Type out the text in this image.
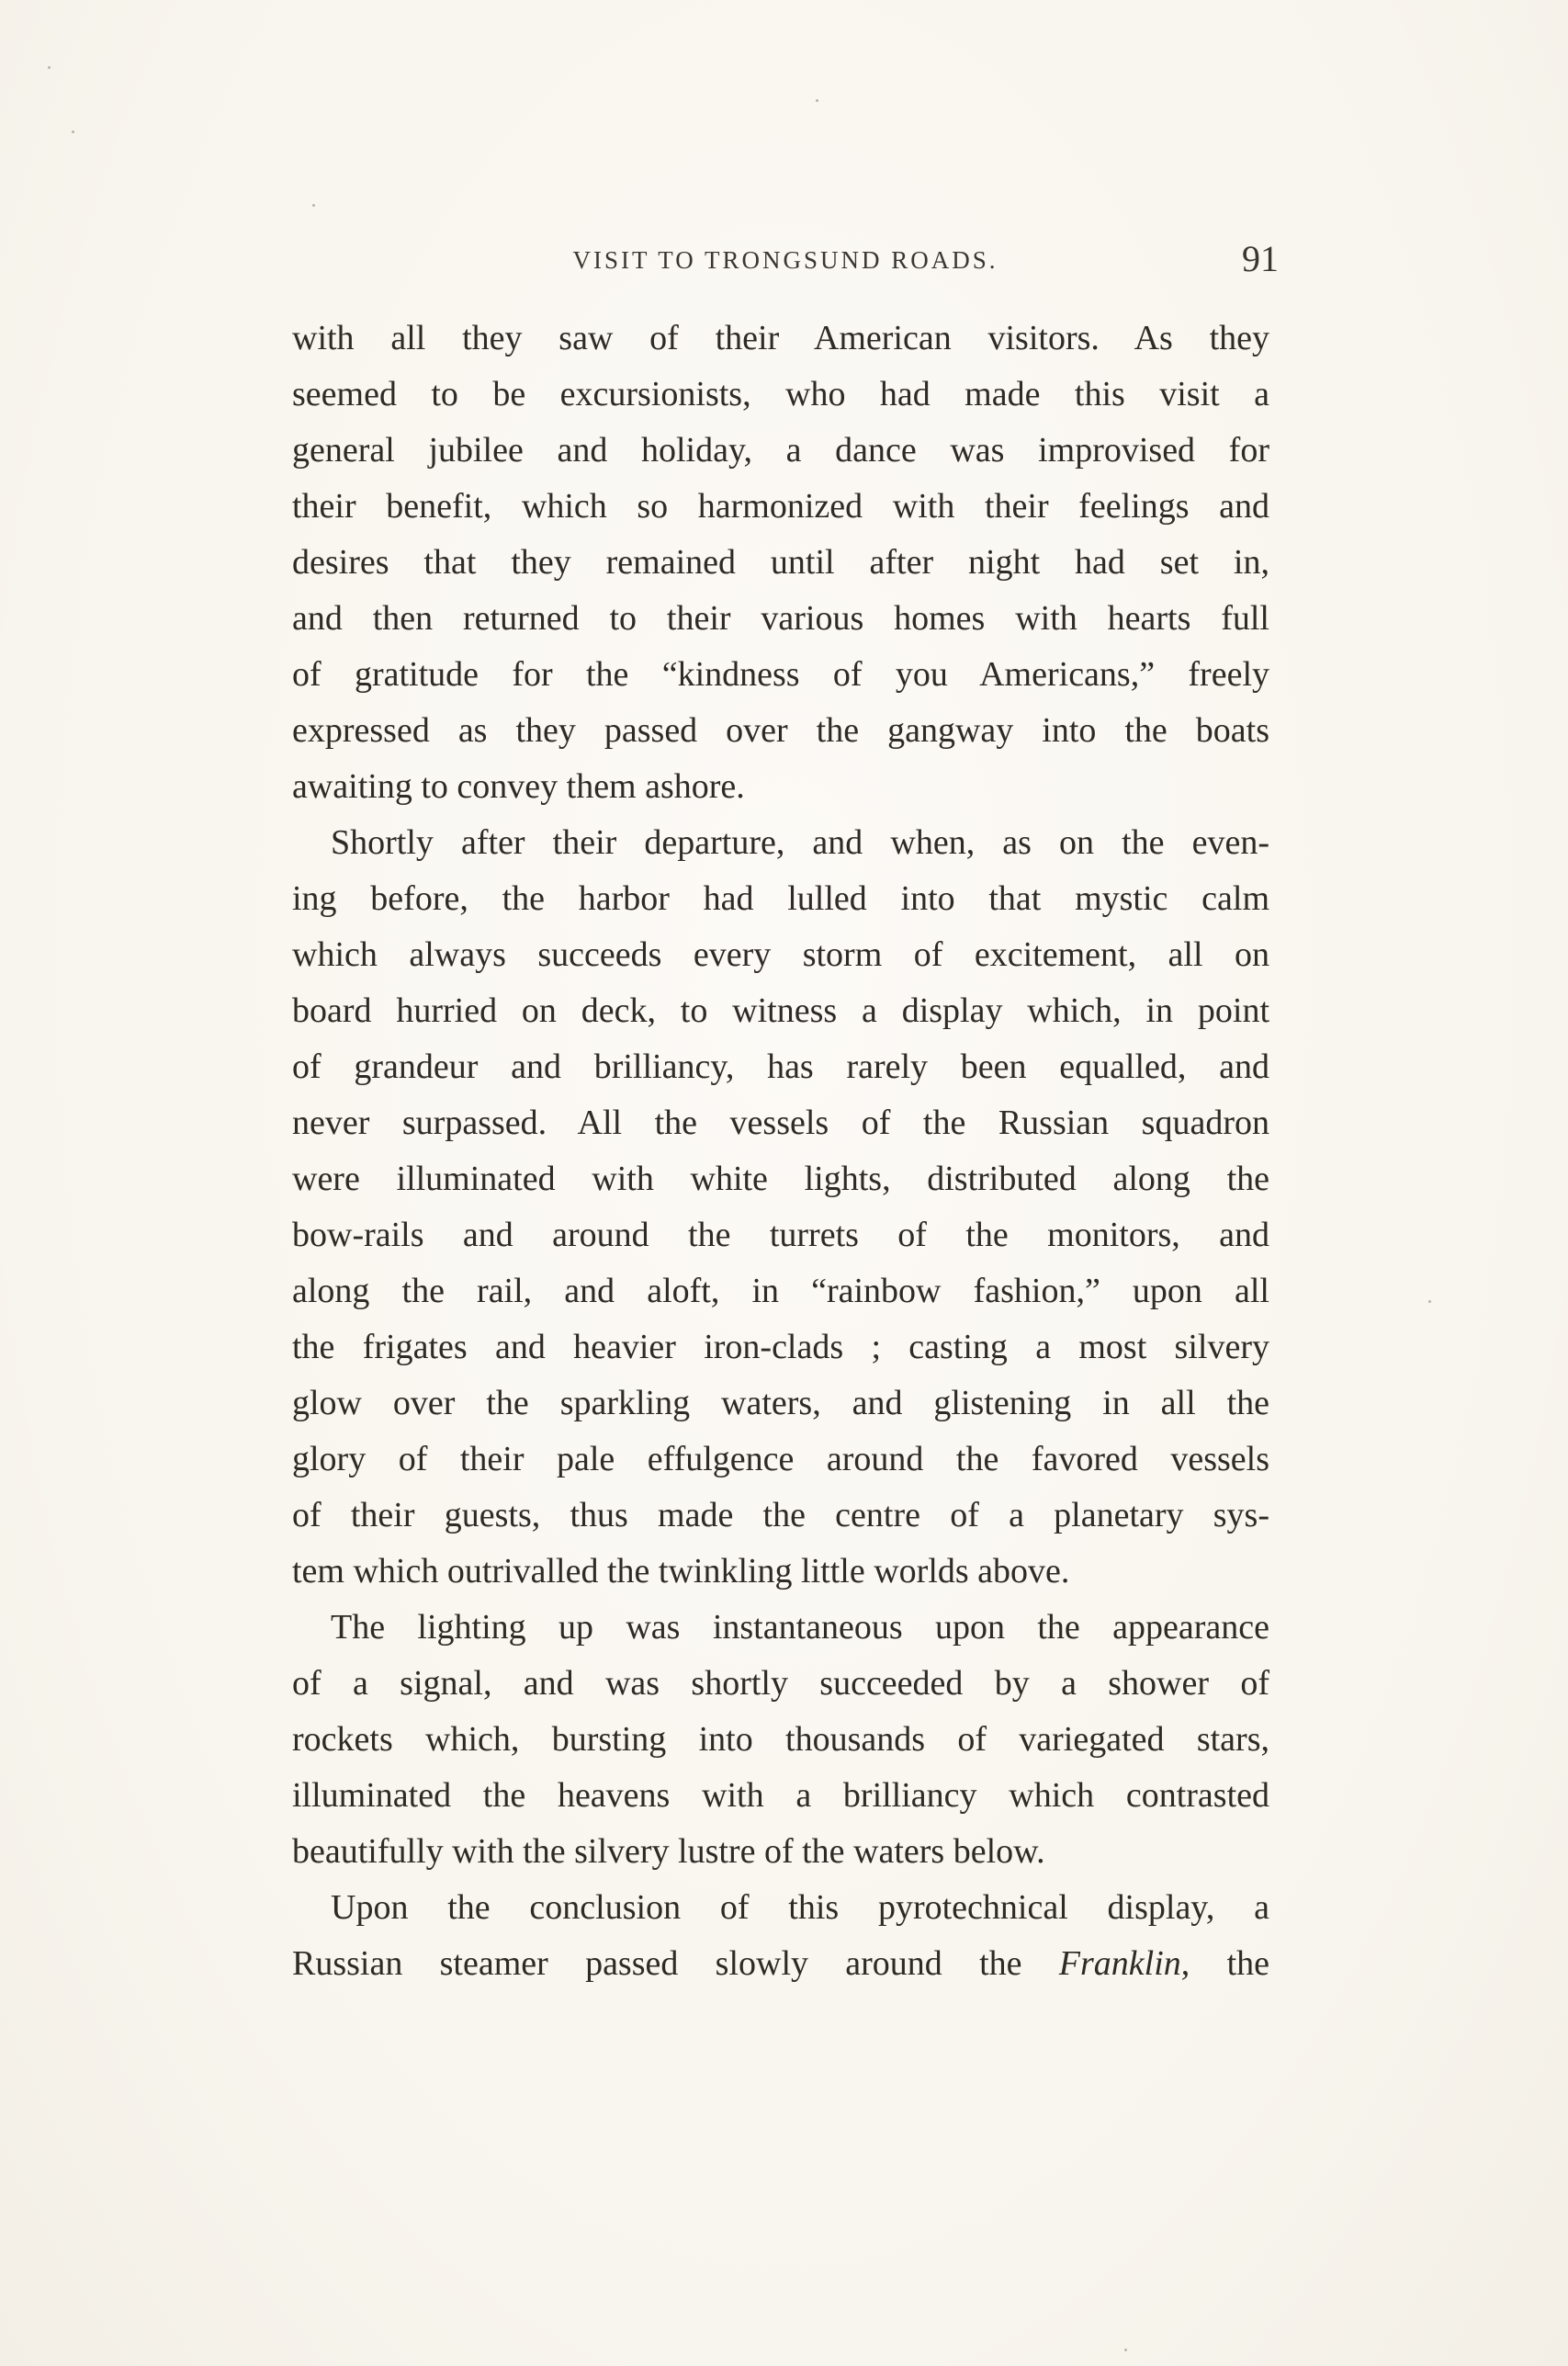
VISIT TO TRONGSUND ROADS.	91
with all they saw of their American visitors. As they
seemed to be excursionists, who had made this visit a
general jubilee and holiday, a dance was improvised for
their benefit, which so harmonized with their feelings and
desires that they remained until after night had set in,
and then returned to their various homes with hearts full
of gratitude for the “kindness of you Americans,” freely
expressed as they passed over the gangway into the boats
awaiting to convey them ashore.
Shortly after their departure, and when, as on the even-
ing before, the harbor had lulled into that mystic calm
which always succeeds every storm of excitement, all on
board hurried on deck, to witness a display which, in point
of grandeur and brilliancy, has rarely been equalled, and
never surpassed. All the vessels of the Russian squadron
were illuminated with white lights, distributed along the
bow-rails and around the turrets of the monitors, and
along the rail, and aloft, in “rainbow fashion,” upon all
the frigates and heavier iron-clads ; casting a most silvery
glow over the sparkling waters, and glistening in all the
glory of their pale effulgence around the favored vessels
of their guests, thus made the centre of a planetary sys-
tem which outrivalled the twinkling little worlds above.
The lighting up was instantaneous upon the appearance
of a signal, and was shortly succeeded by a shower of
rockets which, bursting into thousands of variegated stars,
illuminated the heavens with a brilliancy which contrasted
beautifully with the silvery lustre of the waters below.
Upon the conclusion of this pyrotechnical display, a
Russian steamer passed slowly around the Franklin, the
